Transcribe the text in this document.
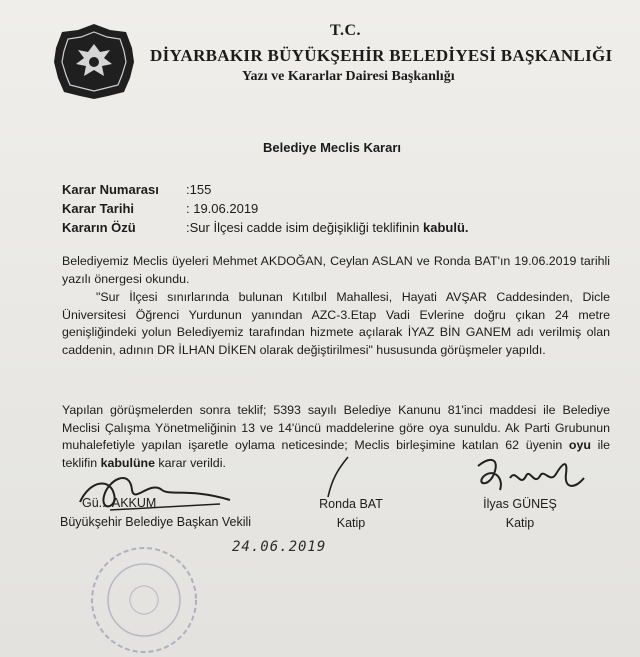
T.C.
DİYARBAKIR BÜYÜKŞEHİR BELEDİYESİ BAŞKANLIĞI
Yazı ve Kararlar Dairesi Başkanlığı
Belediye Meclis Kararı
Karar Numarası	:155
Karar Tarihi	: 19.06.2019
Kararın Özü	:Sur İlçesi cadde isim değişikliği teklifinin kabulü.
Belediyemiz Meclis üyeleri Mehmet AKDOĞAN, Ceylan ASLAN ve Ronda BAT'ın 19.06.2019 tarihli yazılı önergesi okundu.
"Sur İlçesi sınırlarında bulunan Kıtılbıl Mahallesi, Hayati AVŞAR Caddesinden, Dicle Üniversitesi Öğrenci Yurdunun yanından AZC-3.Etap Vadi Evlerine doğru çıkan 24 metre genişliğindeki yolun Belediyemiz tarafından hizmete açılarak İYAZ BİN GANEM adı verilmiş olan caddenin, adının DR İLHAN DİKEN olarak değiştirilmesi" hususunda görüşmeler yapıldı.
Yapılan görüşmelerden sonra teklif; 5393 sayılı Belediye Kanunu 81'inci maddesi ile Belediye Meclisi Çalışma Yönetmeliğinin 13 ve 14'üncü maddelerine göre oya sunuldu. Ak Parti Grubunun muhalefetiyle yapılan işaretle oylama neticesinde; Meclis birleşimine katılan 62 üyenin oyu ile teklifin kabulüne karar verildi.
Gü... AKKUM
Büyükşehir Belediye Başkan Vekili
Ronda BAT
Katip
İlyas GÜNEŞ
Katip
24.06.2019
